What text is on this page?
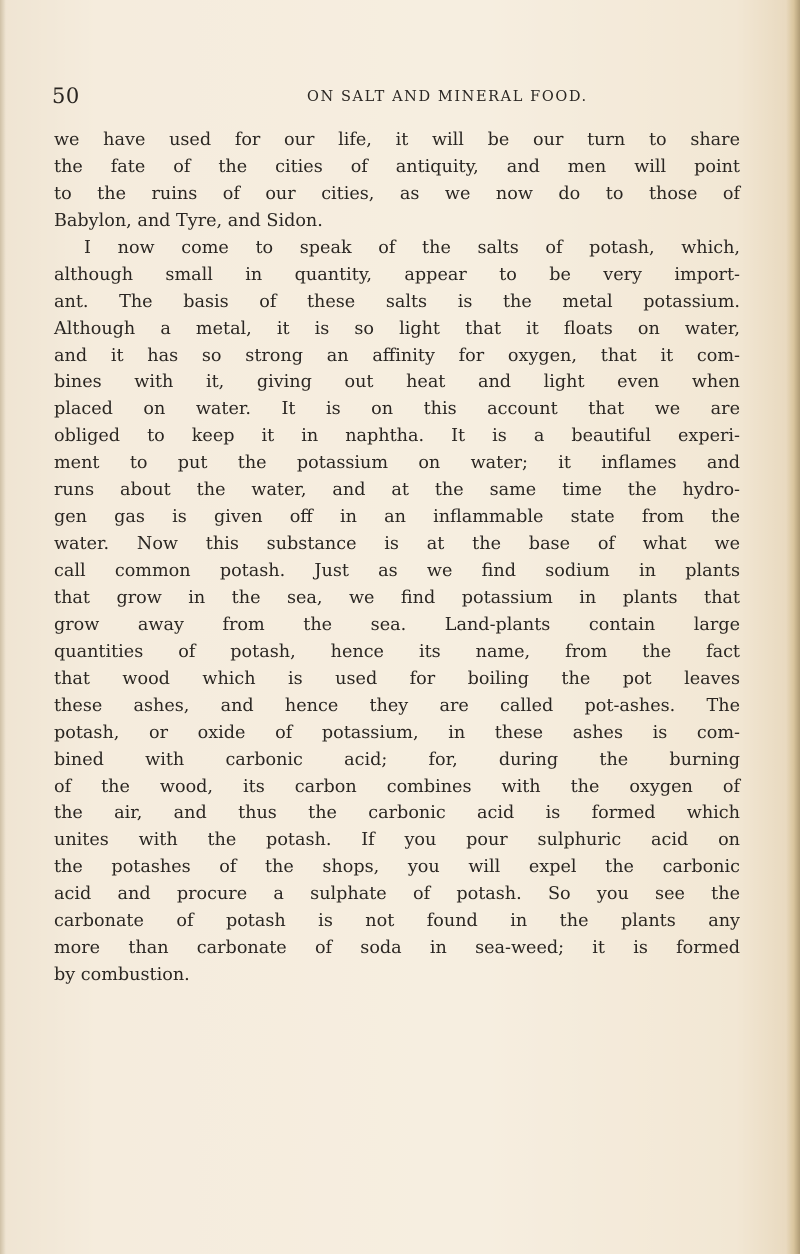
50	ON SALT AND MINERAL FOOD.
we have used for our life, it will be our turn to share
the fate of the cities of antiquity, and men will point
to the ruins of our cities, as we now do to those of
Babylon, and Tyre, and Sidon.
I now come to speak of the salts of potash, which,
although small in quantity, appear to be very import-
ant. The basis of these salts is the metal potassium.
Although a metal, it is so light that it floats on water,
and it has so strong an affinity for oxygen, that it com-
bines with it, giving out heat and light even when
placed on water. It is on this account that we are
obliged to keep it in naphtha. It is a beautiful experi-
ment to put the potassium on water; it inflames and
runs about the water, and at the same time the hydro-
gen gas is given off in an inflammable state from the
water. Now this substance is at the base of what we
call common potash. Just as we find sodium in plants
that grow in the sea, we find potassium in plants that
grow away from the sea. Land-plants contain large
quantities of potash, hence its name, from the fact
that wood which is used for boiling the pot leaves
these ashes, and hence they are called pot-ashes. The
potash, or oxide of potassium, in these ashes is com-
bined with carbonic acid; for, during the burning
of the wood, its carbon combines with the oxygen of
the air, and thus the carbonic acid is formed which
unites with the potash. If you pour sulphuric acid on
the potashes of the shops, you will expel the carbonic
acid and procure a sulphate of potash. So you see the
carbonate of potash is not found in the plants any
more than carbonate of soda in sea-weed; it is formed
by combustion.
